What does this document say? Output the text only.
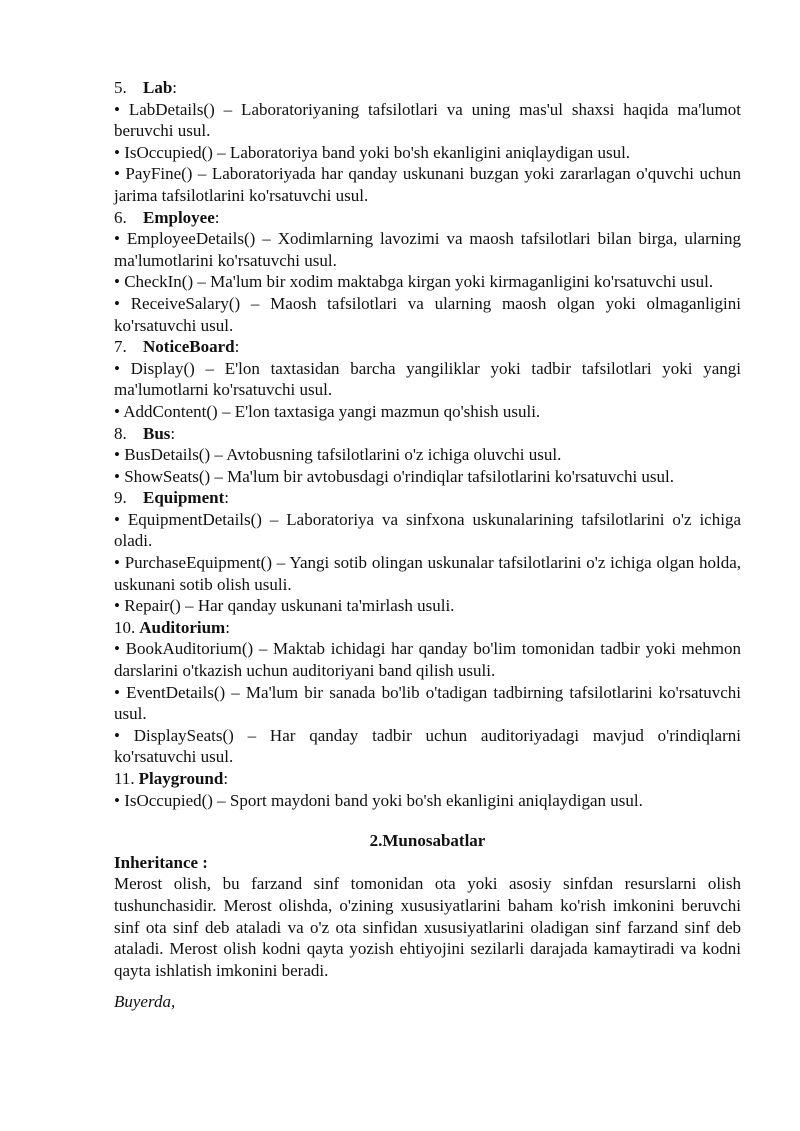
5. Lab:

• LabDetails() – Laboratoriyaning tafsilotlari va uning mas'ul shaxsi haqida ma'lumot beruvchi usul.

• IsOccupied() – Laboratoriya band yoki bo'sh ekanligini aniqlaydigan usul.

• PayFine() – Laboratoriyada har qanday uskunani buzgan yoki zararlagan o'quvchi uchun jarima tafsilotlarini ko'rsatuvchi usul.

6. Employee:

• EmployeeDetails() – Xodimlarning lavozimi va maosh tafsilotlari bilan birga, ularning ma'lumotlarini ko'rsatuvchi usul.

• CheckIn() – Ma'lum bir xodim maktabga kirgan yoki kirmaganligini ko'rsatuvchi usul.

• ReceiveSalary() – Maosh tafsilotlari va ularning maosh olgan yoki olmaganligini ko'rsatuvchi usul.

7. NoticeBoard:

• Display() – E'lon taxtasidan barcha yangiliklar yoki tadbir tafsilotlari yoki yangi ma'lumotlarni ko'rsatuvchi usul.

• AddContent() – E'lon taxtasiga yangi mazmun qo'shish usuli.

8. Bus:

• BusDetails() – Avtobusning tafsilotlarini o'z ichiga oluvchi usul.

• ShowSeats() – Ma'lum bir avtobusdagi o'rindiqlar tafsilotlarini ko'rsatuvchi usul.

9. Equipment:

• EquipmentDetails() – Laboratoriya va sinfxona uskunalarining tafsilotlarini o'z ichiga oladi.

• PurchaseEquipment() – Yangi sotib olingan uskunalar tafsilotlarini o'z ichiga olgan holda, uskunani sotib olish usuli.

• Repair() – Har qanday uskunani ta'mirlash usuli.

10. Auditorium:

• BookAuditorium() – Maktab ichidagi har qanday bo'lim tomonidan tadbir yoki mehmon darslarini o'tkazish uchun auditoriyani band qilish usuli.

• EventDetails() – Ma'lum bir sanada bo'lib o'tadigan tadbirning tafsilotlarini ko'rsatuvchi usul.

• DisplaySeats() – Har qanday tadbir uchun auditoriyadagi mavjud o'rindiqlarni ko'rsatuvchi usul.

11. Playground:

• IsOccupied() – Sport maydoni band yoki bo'sh ekanligini aniqlaydigan usul.

2.Munosabatlar

Inheritance :

Merost olish, bu farzand sinf tomonidan ota yoki asosiy sinfdan resurslarni olish tushunchasidir. Merost olishda, o'zining xususiyatlarini baham ko'rish imkonini beruvchi sinf ota sinf deb ataladi va o'z ota sinfidan xususiyatlarini oladigan sinf farzand sinf deb ataladi. Merost olish kodni qayta yozish ehtiyojini sezilarli darajada kamaytiradi va kodni qayta ishlatish imkonini beradi.

Buyerda,
